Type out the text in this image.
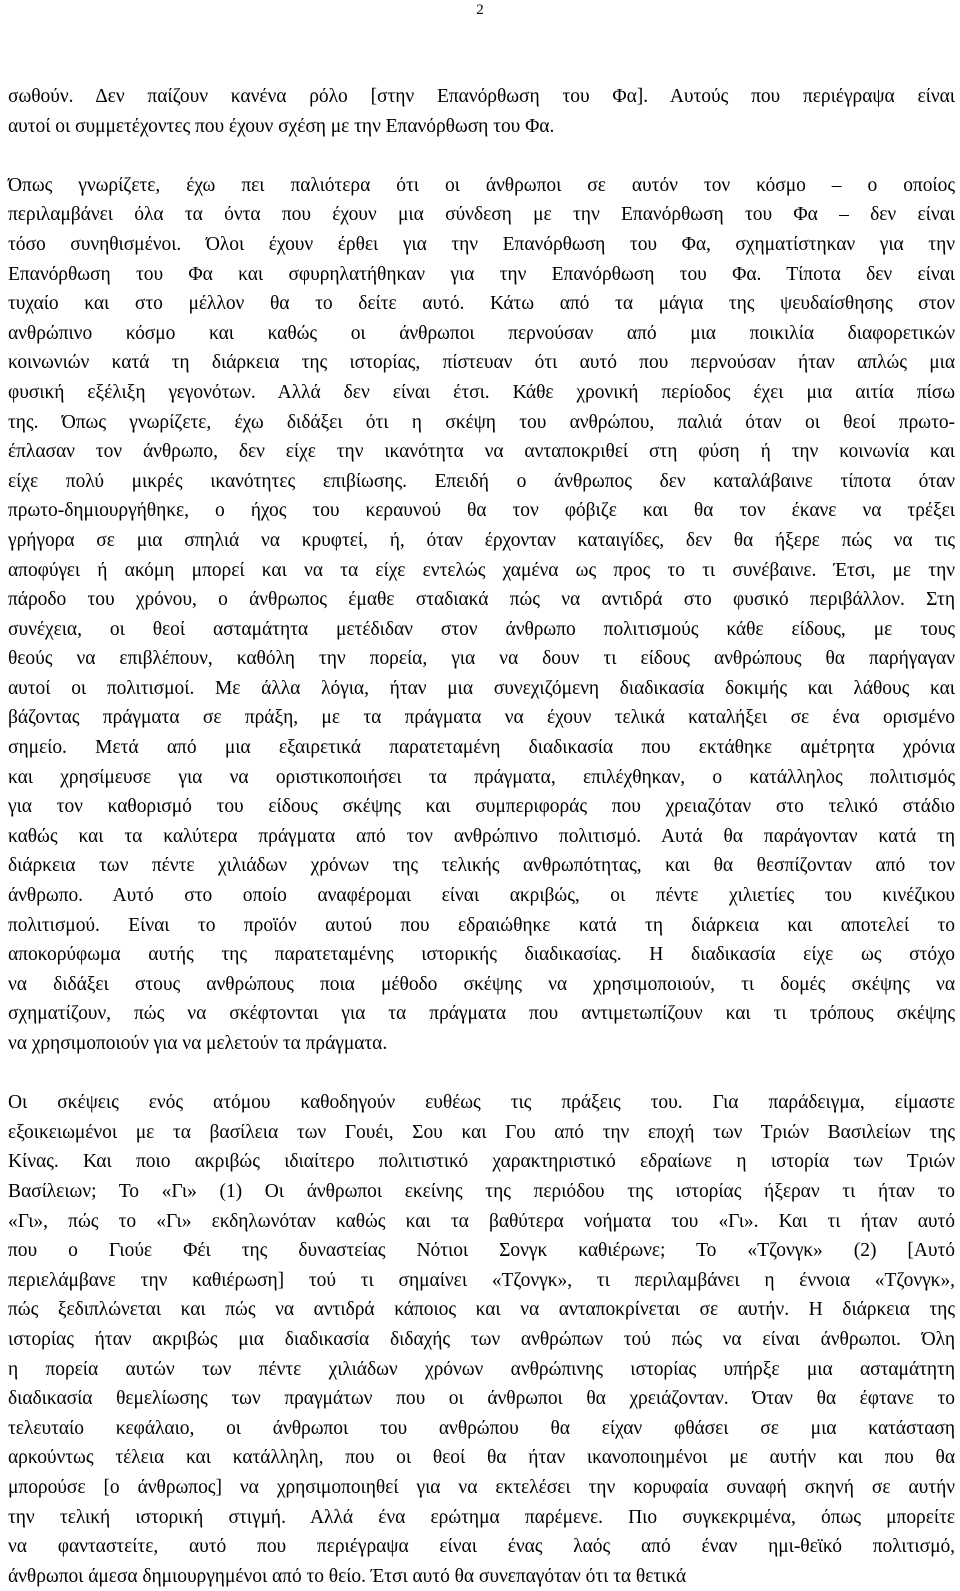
2
σωθούν. Δεν παίζουν κανένα ρόλο [στην Επανόρθωση του Φα]. Αυτούς που περιέγραψα είναι
αυτοί οι συμμετέχοντες που έχουν σχέση με την Επανόρθωση του Φα.
Όπως γνωρίζετε, έχω πει παλιότερα ότι οι άνθρωποι σε αυτόν τον κόσμο – ο οποίος
περιλαμβάνει όλα τα όντα που έχουν μια σύνδεση με την Επανόρθωση του Φα – δεν είναι
τόσο συνηθισμένοι. Όλοι έχουν έρθει για την Επανόρθωση του Φα, σχηματίστηκαν για την
Επανόρθωση του Φα και σφυρηλατήθηκαν για την Επανόρθωση του Φα. Τίποτα δεν είναι
τυχαίο και στο μέλλον θα το δείτε αυτό. Κάτω από τα μάγια της ψευδαίσθησης στον
ανθρώπινο κόσμο και καθώς οι άνθρωποι περνούσαν από μια ποικιλία διαφορετικών
κοινωνιών κατά τη διάρκεια της ιστορίας, πίστευαν ότι αυτό που περνούσαν ήταν απλώς μια
φυσική εξέλιξη γεγονότων. Αλλά δεν είναι έτσι. Κάθε χρονική περίοδος έχει μια αιτία πίσω
της. Όπως γνωρίζετε, έχω διδάξει ότι η σκέψη του ανθρώπου, παλιά όταν οι θεοί πρωτο-
έπλασαν τον άνθρωπο, δεν είχε την ικανότητα να ανταποκριθεί στη φύση ή την κοινωνία και
είχε πολύ μικρές ικανότητες επιβίωσης. Επειδή ο άνθρωπος δεν καταλάβαινε τίποτα όταν
πρωτο-δημιουργήθηκε, ο ήχος του κεραυνού θα τον φόβιζε και θα τον έκανε να τρέξει
γρήγορα σε μια σπηλιά να κρυφτεί, ή, όταν έρχονταν καταιγίδες, δεν θα ήξερε πώς να τις
αποφύγει ή ακόμη μπορεί και να τα είχε εντελώς χαμένα ως προς το τι συνέβαινε. Έτσι, με την
πάροδο του χρόνου, ο άνθρωπος έμαθε σταδιακά πώς να αντιδρά στο φυσικό περιβάλλον. Στη
συνέχεια, οι θεοί ασταμάτητα μετέδιδαν στον άνθρωπο πολιτισμούς κάθε είδους, με τους
θεούς να επιβλέπουν, καθόλη την πορεία, για να δουν τι είδους ανθρώπους θα παρήγαγαν
αυτοί οι πολιτισμοί. Με άλλα λόγια, ήταν μια συνεχιζόμενη διαδικασία δοκιμής και λάθους και
βάζοντας πράγματα σε πράξη, με τα πράγματα να έχουν τελικά καταλήξει σε ένα ορισμένο
σημείο. Μετά από μια εξαιρετικά παρατεταμένη διαδικασία που εκτάθηκε αμέτρητα χρόνια
και χρησίμευσε για να οριστικοποιήσει τα πράγματα, επιλέχθηκαν, ο κατάλληλος πολιτισμός
για τον καθορισμό του είδους σκέψης και συμπεριφοράς που χρειαζόταν στο τελικό στάδιο
καθώς και τα καλύτερα πράγματα από τον ανθρώπινο πολιτισμό. Αυτά θα παράγονταν κατά τη
διάρκεια των πέντε χιλιάδων χρόνων της τελικής ανθρωπότητας, και θα θεσπίζονταν από τον
άνθρωπο. Αυτό στο οποίο αναφέρομαι είναι ακριβώς, οι πέντε χιλιετίες του κινέζικου
πολιτισμού. Είναι το προϊόν αυτού που εδραιώθηκε κατά τη διάρκεια και αποτελεί το
αποκορύφωμα αυτής της παρατεταμένης ιστορικής διαδικασίας. Η διαδικασία είχε ως στόχο
να διδάξει στους ανθρώπους ποια μέθοδο σκέψης να χρησιμοποιούν, τι δομές σκέψης να
σχηματίζουν, πώς να σκέφτονται για τα πράγματα που αντιμετωπίζουν και τι τρόπους σκέψης
να χρησιμοποιούν για να μελετούν τα πράγματα.
Οι σκέψεις ενός ατόμου καθοδηγούν ευθέως τις πράξεις του. Για παράδειγμα, είμαστε
εξοικειωμένοι με τα βασίλεια των Γουέι, Σου και Γου από την εποχή των Τριών Βασιλείων της
Κίνας. Και ποιο ακριβώς ιδιαίτερο πολιτιστικό χαρακτηριστικό εδραίωνε η ιστορία των Τριών
Βασίλειων; Το «Γι» (1) Οι άνθρωποι εκείνης της περιόδου της ιστορίας ήξεραν τι ήταν το
«Γι», πώς το «Γι» εκδηλωνόταν καθώς και τα βαθύτερα νοήματα του «Γι». Και τι ήταν αυτό
που ο Γιούε Φέι της δυναστείας Νότιοι Σονγκ καθιέρωνε; Το «Τζονγκ» (2) [Αυτό
περιελάμβανε την καθιέρωση] τού τι σημαίνει «Τζονγκ», τι περιλαμβάνει η έννοια «Τζονγκ»,
πώς ξεδιπλώνεται και πώς να αντιδρά κάποιος και να ανταποκρίνεται σε αυτήν. Η διάρκεια της
ιστορίας ήταν ακριβώς μια διαδικασία διδαχής των ανθρώπων τού πώς να είναι άνθρωποι. Όλη
η πορεία αυτών των πέντε χιλιάδων χρόνων ανθρώπινης ιστορίας υπήρξε μια ασταμάτητη
διαδικασία θεμελίωσης των πραγμάτων που οι άνθρωποι θα χρειάζονταν. Όταν θα έφτανε το
τελευταίο κεφάλαιο, οι άνθρωποι του ανθρώπου θα είχαν φθάσει σε μια κατάσταση
αρκούντως τέλεια και κατάλληλη, που οι θεοί θα ήταν ικανοποιημένοι με αυτήν και που θα
μπορούσε [ο άνθρωπος] να χρησιμοποιηθεί για να εκτελέσει την κορυφαία συναφή σκηνή σε αυτήν
την τελική ιστορική στιγμή. Αλλά ένα ερώτημα παρέμενε. Πιο συγκεκριμένα, όπως μπορείτε
να φανταστείτε, αυτό που περιέγραψα είναι ένας λαός από έναν ημι-θεϊκό πολιτισμό,
άνθρωποι άμεσα δημιουργημένοι από το θείο. Έτσι αυτό θα συνεπαγόταν ότι τα θετικά
